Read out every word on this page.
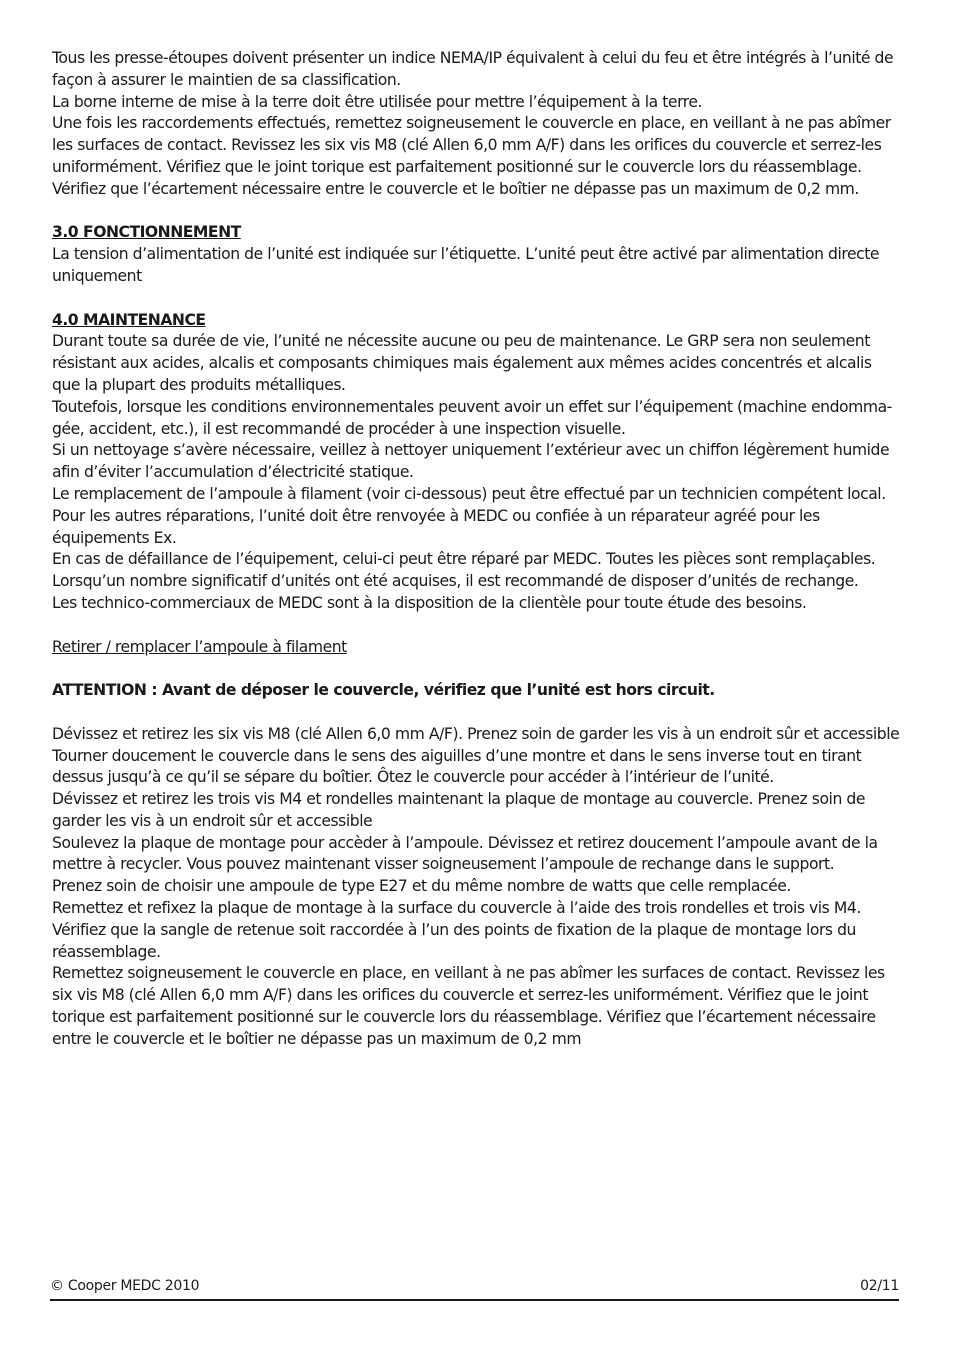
Tous les presse-étoupes doivent présenter un indice NEMA/IP équivalent à celui du feu et être intégrés à l’unité de façon à assurer le maintien de sa classification.

La borne interne de mise à la terre doit être utilisée pour mettre l’équipement à la terre.

Une fois les raccordements effectués, remettez soigneusement le couvercle en place, en veillant à ne pas abîmer les surfaces de contact. Revissez les six vis M8 (clé Allen 6,0 mm A/F) dans les orifices du couvercle et serrez-les uniformément. Vérifiez que le joint torique est parfaitement positionné sur le couvercle lors du réassemblage. Vérifiez que l’écartement nécessaire entre le couvercle et le boîtier ne dépasse pas un maximum de 0,2 mm.

3.0 FONCTIONNEMENT

La tension d’alimentation de l’unité est indiquée sur l’étiquette. L’unité peut être activé par alimentation directe uniquement

4.0 MAINTENANCE

Durant toute sa durée de vie, l’unité ne nécessite aucune ou peu de maintenance. Le GRP sera non seulement résistant aux acides, alcalis et composants chimiques mais également aux mêmes acides concentrés et alcalis que la plupart des produits métalliques.

Toutefois, lorsque les conditions environnementales peuvent avoir un effet sur l’équipement (machine endommagée, accident, etc.), il est recommandé de procéder à une inspection visuelle.

Si un nettoyage s’avère nécessaire, veillez à nettoyer uniquement l’extérieur avec un chiffon légèrement humide afin d’éviter l’accumulation d’électricité statique.

Le remplacement de l’ampoule à filament (voir ci-dessous) peut être effectué par un technicien compétent local. Pour les autres réparations, l’unité doit être renvoyée à MEDC ou confiée à un réparateur agréé pour les équipements Ex.

En cas de défaillance de l’équipement, celui-ci peut être réparé par MEDC. Toutes les pièces sont remplaçables.

Lorsqu’un nombre significatif d’unités ont été acquises, il est recommandé de disposer d’unités de rechange.

Les technico-commerciaux de MEDC sont à la disposition de la clientèle pour toute étude des besoins.

Retirer / remplacer l’ampoule à filament

ATTENTION : Avant de déposer le couvercle, vérifiez que l’unité est hors circuit.

Dévissez et retirez les six vis M8 (clé Allen 6,0 mm A/F). Prenez soin de garder les vis à un endroit sûr et accessible

Tourner doucement le couvercle dans le sens des aiguilles d’une montre et dans le sens inverse tout en tirant dessus jusqu’à ce qu’il se sépare du boîtier. Ôtez le couvercle pour accéder à l’intérieur de l’unité.

Dévissez et retirez les trois vis M4 et rondelles maintenant la plaque de montage au couvercle. Prenez soin de garder les vis à un endroit sûr et accessible

Soulevez la plaque de montage pour accèder à l’ampoule. Dévissez et retirez doucement l’ampoule avant de la mettre à recycler. Vous pouvez maintenant visser soigneusement l’ampoule de rechange dans le support.

Prenez soin de choisir une ampoule de type E27 et du même nombre de watts que celle remplacée.

Remettez et refixez la plaque de montage à la surface du couvercle à l’aide des trois rondelles et trois vis M4.

Vérifiez que la sangle de retenue soit raccordée à l’un des points de fixation de la plaque de montage lors du réassemblage.

Remettez soigneusement le couvercle en place, en veillant à ne pas abîmer les surfaces de contact. Revissez les six vis M8 (clé Allen 6,0 mm A/F) dans les orifices du couvercle et serrez-les uniformément. Vérifiez que le joint torique est parfaitement positionné sur le couvercle lors du réassemblage. Vérifiez que l’écartement nécessaire entre le couvercle et le boîtier ne dépasse pas un maximum de 0,2 mm

© Cooper MEDC 2010	02/11
